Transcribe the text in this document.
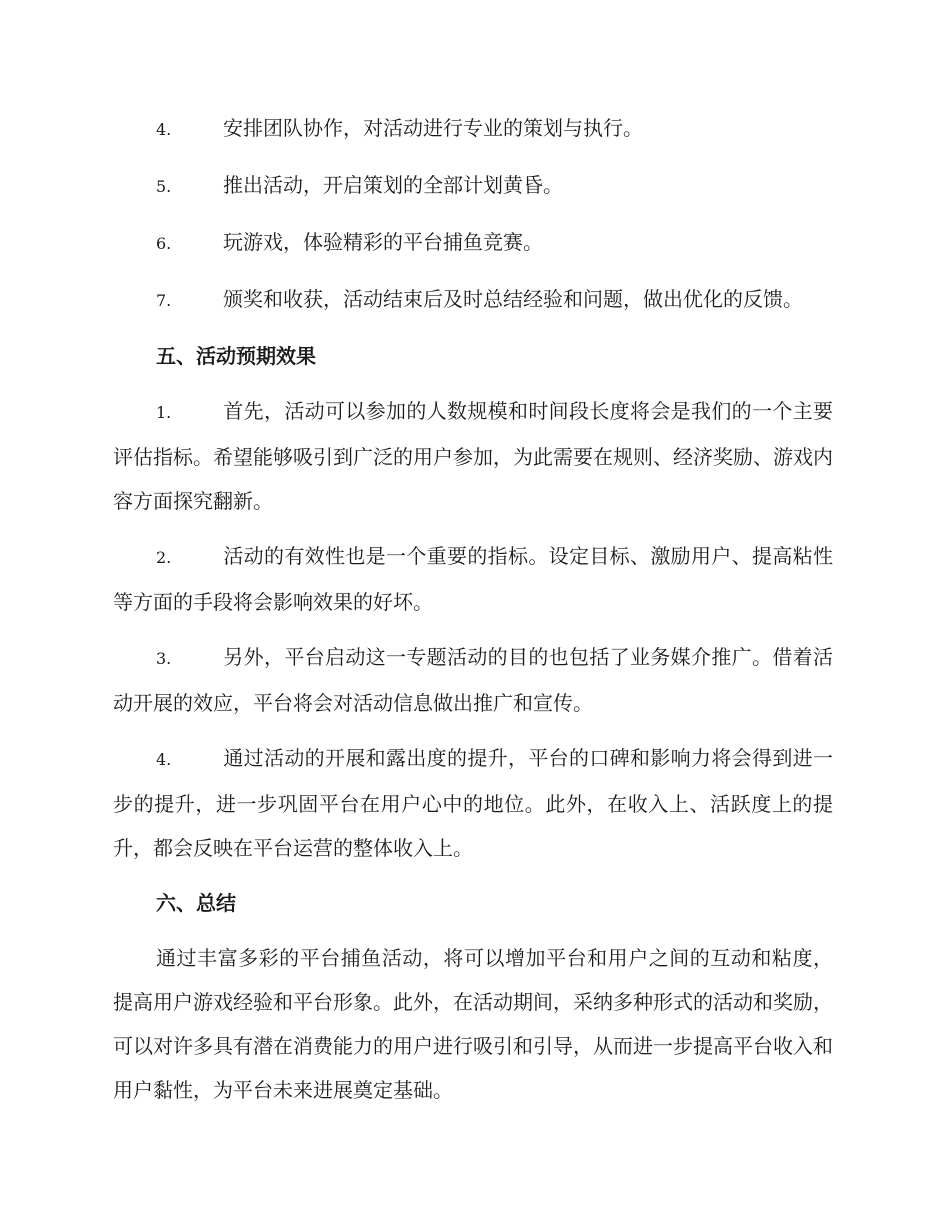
4.	安排团队协作，对活动进行专业的策划与执行。

5.	推出活动，开启策划的全部计划黄昏。

6.	玩游戏，体验精彩的平台捕鱼竞赛。

7.	颁奖和收获，活动结束后及时总结经验和问题，做出优化的反馈。

五、活动预期效果

1.	首先，活动可以参加的人数规模和时间段长度将会是我们的一个主要评估指标。希望能够吸引到广泛的用户参加，为此需要在规则、经济奖励、游戏内容方面探究翻新。

2.	活动的有效性也是一个重要的指标。设定目标、激励用户、提高粘性等方面的手段将会影响效果的好坏。

3.	另外，平台启动这一专题活动的目的也包括了业务媒介推广。借着活动开展的效应，平台将会对活动信息做出推广和宣传。

4.	通过活动的开展和露出度的提升，平台的口碑和影响力将会得到进一步的提升，进一步巩固平台在用户心中的地位。此外，在收入上、活跃度上的提升，都会反映在平台运营的整体收入上。

六、总结

通过丰富多彩的平台捕鱼活动，将可以增加平台和用户之间的互动和粘度，提高用户游戏经验和平台形象。此外，在活动期间，采纳多种形式的活动和奖励，可以对许多具有潜在消费能力的用户进行吸引和引导，从而进一步提高平台收入和用户黏性，为平台未来进展奠定基础。
